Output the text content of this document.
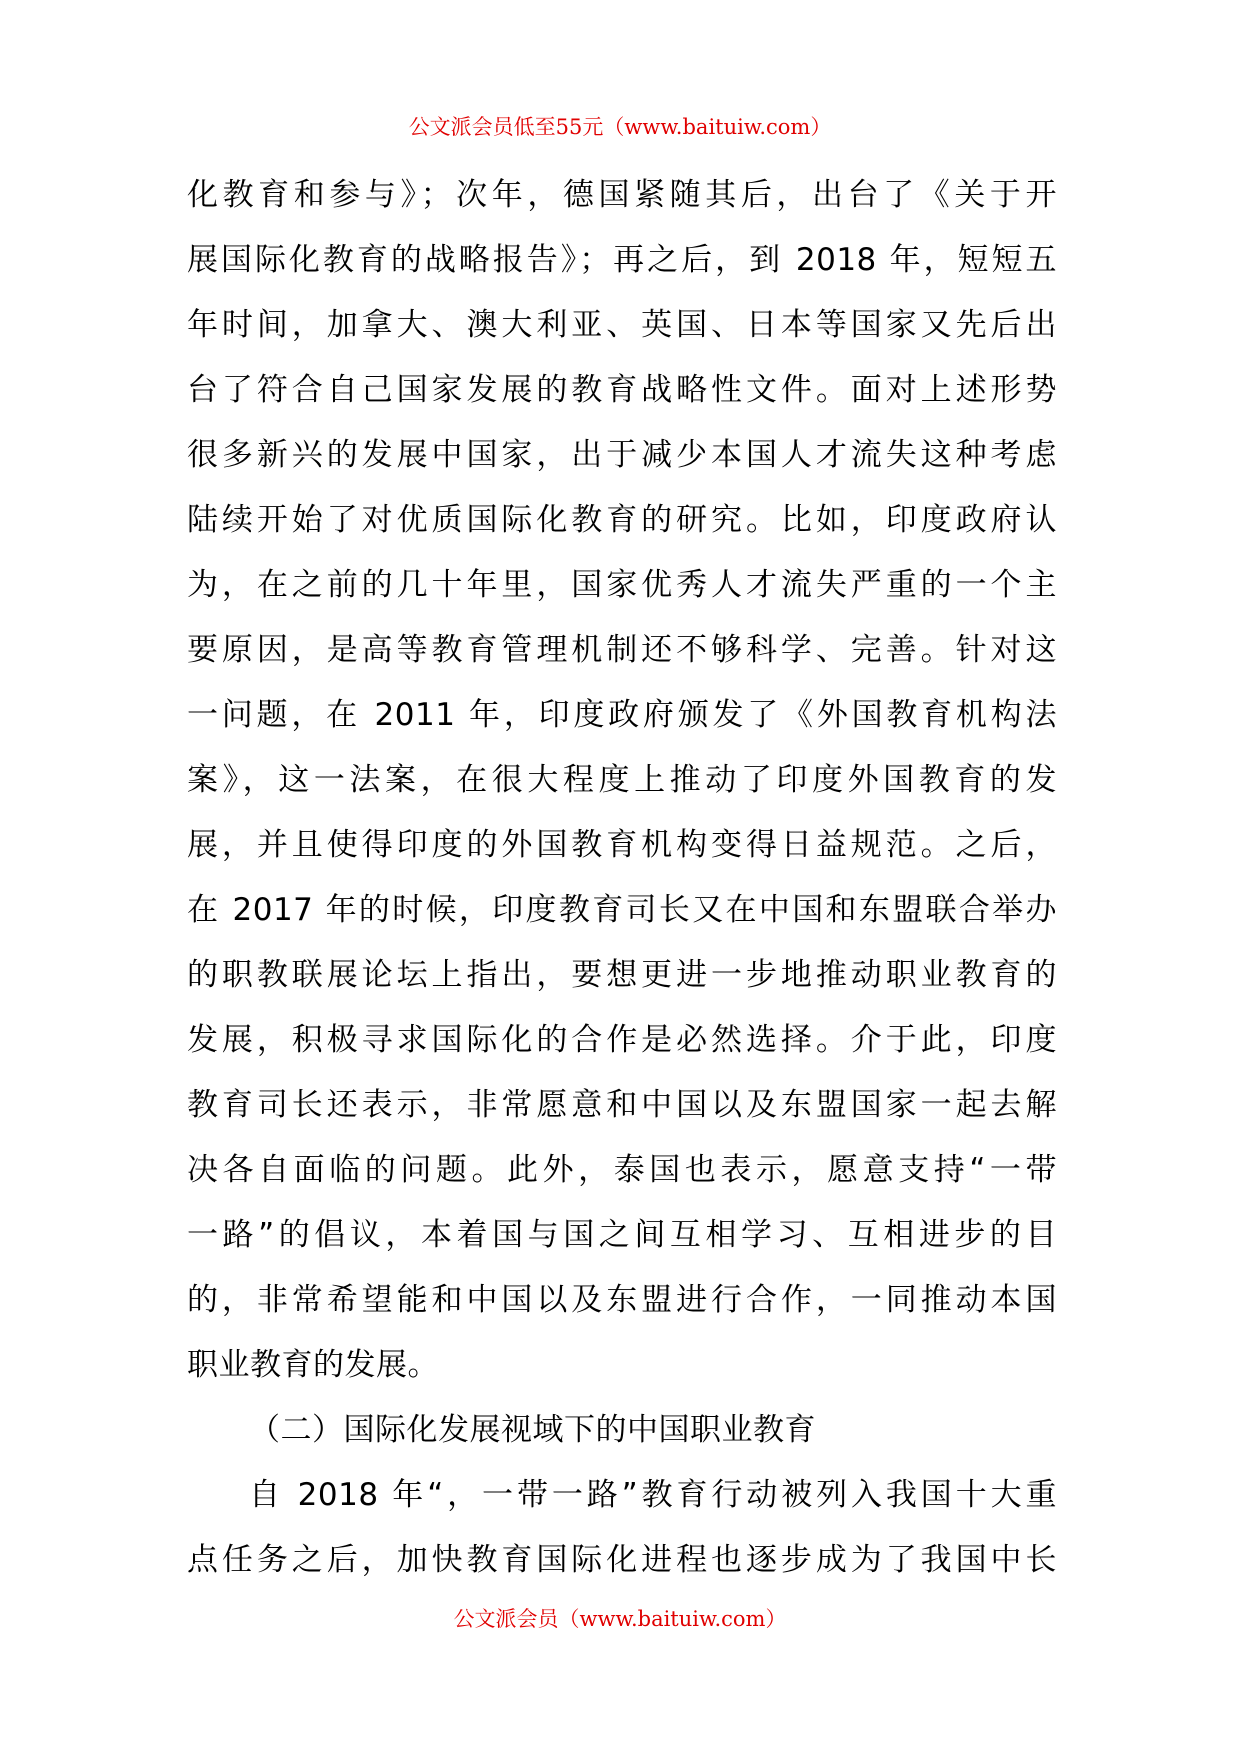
公文派会员低至55元（www.baituiw.com）
化教育和参与》；次年，德国紧随其后，出台了《关于开
展国际化教育的战略报告》；再之后，到 2018 年，短短五
年时间，加拿大、澳大利亚、英国、日本等国家又先后出
台了符合自己国家发展的教育战略性文件。面对上述形势
很多新兴的发展中国家，出于减少本国人才流失这种考虑
陆续开始了对优质国际化教育的研究。比如，印度政府认
为，在之前的几十年里，国家优秀人才流失严重的一个主
要原因，是高等教育管理机制还不够科学、完善。针对这
一问题，在 2011 年，印度政府颁发了《外国教育机构法
案》，这一法案，在很大程度上推动了印度外国教育的发
展，并且使得印度的外国教育机构变得日益规范。之后，
在 2017 年的时候，印度教育司长又在中国和东盟联合举办
的职教联展论坛上指出，要想更进一步地推动职业教育的
发展，积极寻求国际化的合作是必然选择。介于此，印度
教育司长还表示，非常愿意和中国以及东盟国家一起去解
决各自面临的问题。此外，泰国也表示，愿意支持“一带
一路”的倡议，本着国与国之间互相学习、互相进步的目
的，非常希望能和中国以及东盟进行合作，一同推动本国
职业教育的发展。
（二）国际化发展视域下的中国职业教育
自 2018 年“，一带一路”教育行动被列入我国十大重
点任务之后，加快教育国际化进程也逐步成为了我国中长
公文派会员（www.baituiw.com）
